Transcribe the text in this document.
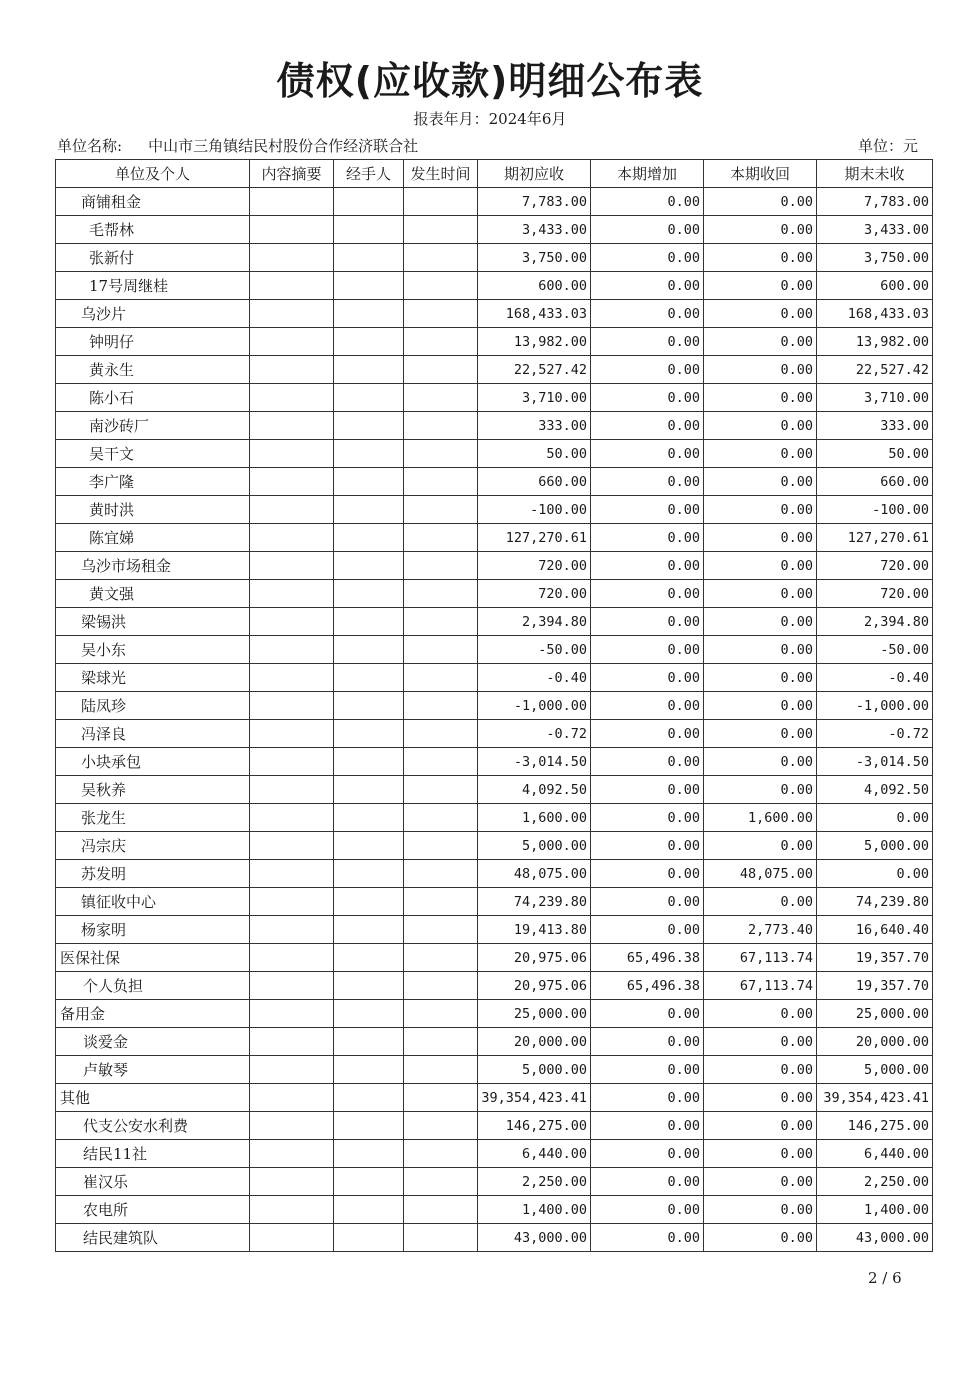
债权(应收款)明细公布表
报表年月：2024年6月
单位名称: 中山市三角镇结民村股份合作经济联合社	单位：元
单位及个人	内容摘要	经手人	发生时间	期初应收	本期增加	本期收回	期末未收
商铺租金				7,783.00	0.00	0.00	7,783.00
毛帮林				3,433.00	0.00	0.00	3,433.00
张新付				3,750.00	0.00	0.00	3,750.00
17号周继桂				600.00	0.00	0.00	600.00
乌沙片				168,433.03	0.00	0.00	168,433.03
钟明仔				13,982.00	0.00	0.00	13,982.00
黄永生				22,527.42	0.00	0.00	22,527.42
陈小石				3,710.00	0.00	0.00	3,710.00
南沙砖厂				333.00	0.00	0.00	333.00
吴干文				50.00	0.00	0.00	50.00
李广隆				660.00	0.00	0.00	660.00
黄时洪				-100.00	0.00	0.00	-100.00
陈宜娣				127,270.61	0.00	0.00	127,270.61
乌沙市场租金				720.00	0.00	0.00	720.00
黄文强				720.00	0.00	0.00	720.00
梁锡洪				2,394.80	0.00	0.00	2,394.80
吴小东				-50.00	0.00	0.00	-50.00
梁球光				-0.40	0.00	0.00	-0.40
陆凤珍				-1,000.00	0.00	0.00	-1,000.00
冯泽良				-0.72	0.00	0.00	-0.72
小块承包				-3,014.50	0.00	0.00	-3,014.50
吴秋养				4,092.50	0.00	0.00	4,092.50
张龙生				1,600.00	0.00	1,600.00	0.00
冯宗庆				5,000.00	0.00	0.00	5,000.00
苏发明				48,075.00	0.00	48,075.00	0.00
镇征收中心				74,239.80	0.00	0.00	74,239.80
杨家明				19,413.80	0.00	2,773.40	16,640.40
医保社保				20,975.06	65,496.38	67,113.74	19,357.70
个人负担				20,975.06	65,496.38	67,113.74	19,357.70
备用金				25,000.00	0.00	0.00	25,000.00
谈爱金				20,000.00	0.00	0.00	20,000.00
卢敏琴				5,000.00	0.00	0.00	5,000.00
其他				39,354,423.41	0.00	0.00	39,354,423.41
代支公安水利费				146,275.00	0.00	0.00	146,275.00
结民11社				6,440.00	0.00	0.00	6,440.00
崔汉乐				2,250.00	0.00	0.00	2,250.00
农电所				1,400.00	0.00	0.00	1,400.00
结民建筑队				43,000.00	0.00	0.00	43,000.00
2 / 6
